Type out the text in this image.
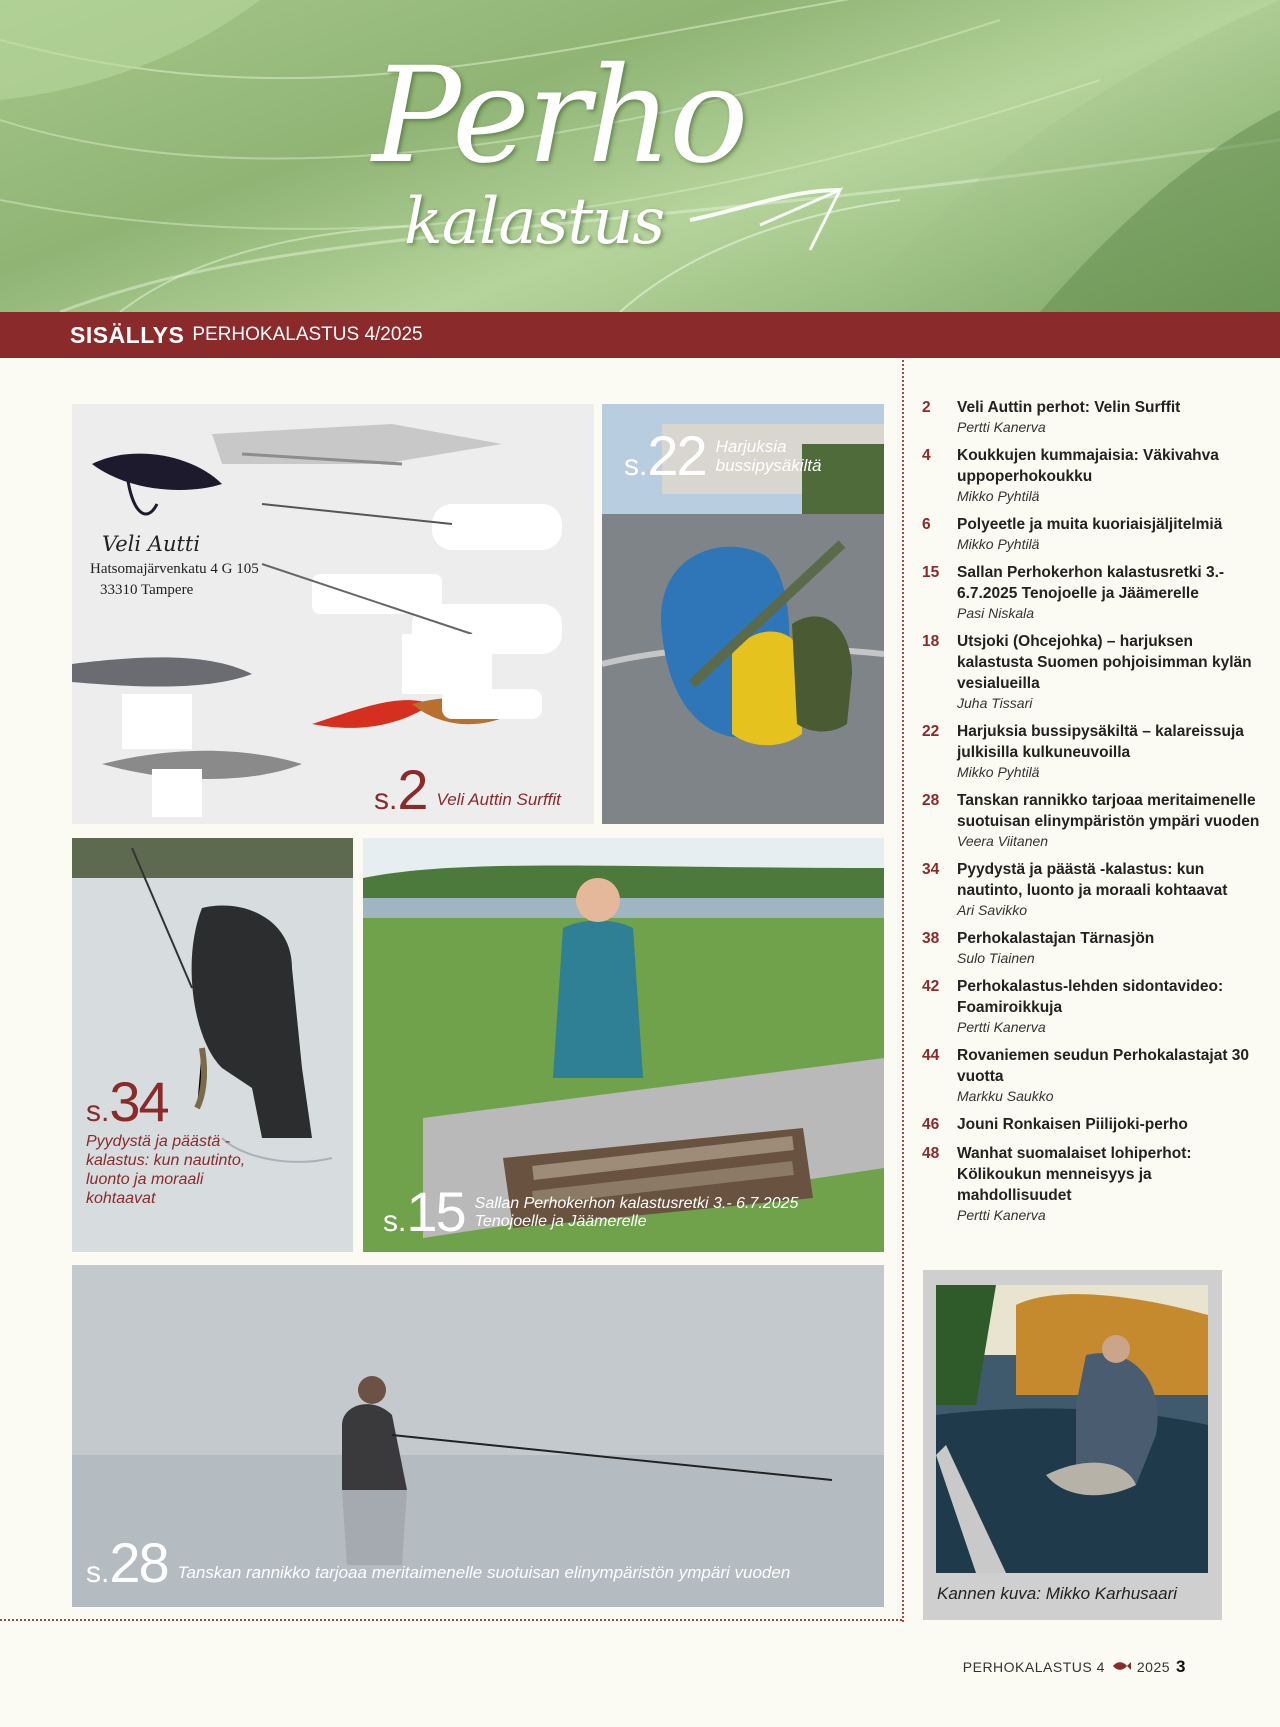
Perho
kalastus
SISÄLLYS PERHOKALASTUS 4/2025
Veli Autti
Hatsomajärvenkatu 4 G 105
33310 Tampere
s.2 Veli Auttin Surffit
s.22 Harjuksia
bussipysäkiltä
s.34
Pyydystä ja päästä -kalastus: kun nautinto, luonto ja moraali kohtaavat
s.15 Sallan Perhokerhon kalastusretki 3.- 6.7.2025
Tenojoelle ja Jäämerelle
s.28 Tanskan rannikko tarjoaa meritaimenelle suotuisan elinympäristön ympäri vuoden
2	Veli Auttin perhot: Velin Surffit
Pertti Kanerva
4	Koukkujen kummajaisia: Väkivahva uppoperhokoukku
Mikko Pyhtilä
6	Polyeetle ja muita kuoriaisjäljitelmiä
Mikko Pyhtilä
15	Sallan Perhokerhon kalastusretki 3.- 6.7.2025 Tenojoelle ja Jäämerelle
Pasi Niskala
18	Utsjoki (Ohcejohka) – harjuksen kalastusta Suomen pohjoisimman kylän vesialueilla
Juha Tissari
22	Harjuksia bussipysäkiltä – kalareissuja julkisilla kulkuneuvoilla
Mikko Pyhtilä
28	Tanskan rannikko tarjoaa meritaimenelle suotuisan elinympäristön ympäri vuoden
Veera Viitanen
34	Pyydystä ja päästä -kalastus: kun nautinto, luonto ja moraali kohtaavat
Ari Savikko
38	Perhokalastajan Tärnasjön
Sulo Tiainen
42	Perhokalastus-lehden sidontavideo: Foamiroikkuja
Pertti Kanerva
44	Rovaniemen seudun Perhokalastajat 30 vuotta
Markku Saukko
46	Jouni Ronkaisen Piilijoki-perho
48	Wanhat suomalaiset lohiperhot: Kölikoukun menneisyys ja mahdollisuudet
Pertti Kanerva
Kannen kuva: Mikko Karhusaari
PERHOKALASTUS 4 2025 3
